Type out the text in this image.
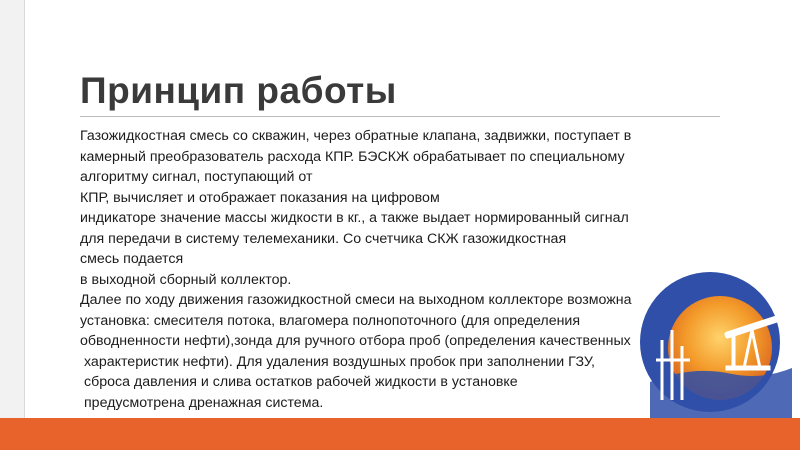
Принцип работы
Газожидкостная смесь со скважин, через обратные клапана, задвижки, поступает в
камерный преобразователь расхода КПР. БЭСКЖ обрабатывает по специальному
алгоритму сигнал, поступающий от
КПР, вычисляет и отображает показания на цифровом
индикаторе значение массы жидкости в кг., а также выдает нормированный сигнал
для передачи в систему телемеханики. Со счетчика СКЖ газожидкостная
смесь подается
в выходной сборный коллектор.
Далее по ходу движения газожидкостной смеси на выходном коллекторе возможна
установка: смесителя потока, влагомера полнопоточного (для определения
обводненности нефти),зонда для ручного отбора проб (определения качественных
характеристик нефти). Для удаления воздушных пробок при заполнении ГЗУ,
сброса давления и слива остатков рабочей жидкости в установке
предусмотрена дренажная система.
